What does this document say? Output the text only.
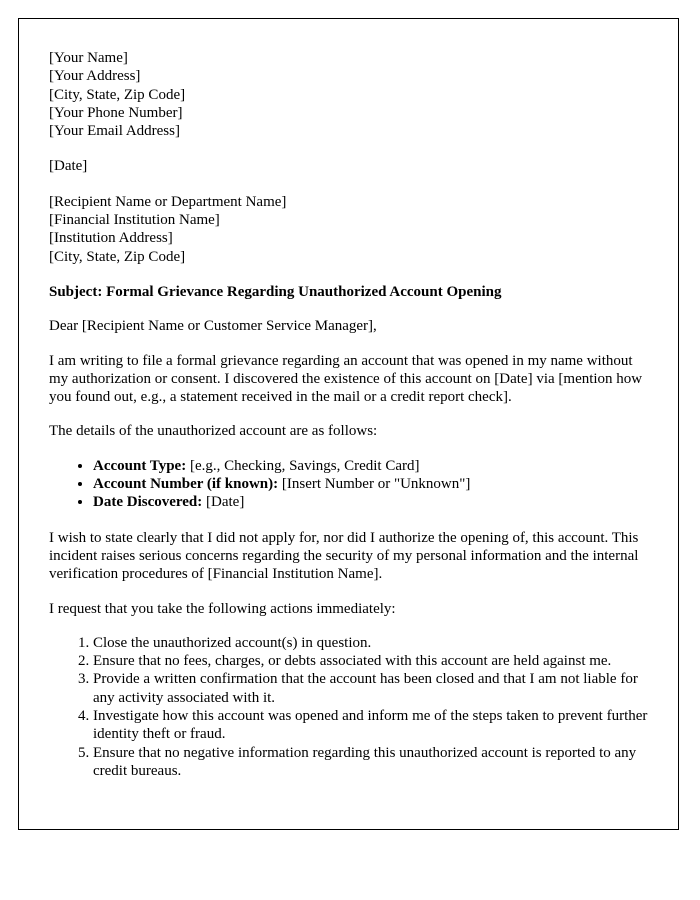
[Your Name]
[Your Address]
[City, State, Zip Code]
[Your Phone Number]
[Your Email Address]
[Date]
[Recipient Name or Department Name]
[Financial Institution Name]
[Institution Address]
[City, State, Zip Code]

Subject: Formal Grievance Regarding Unauthorized Account Opening

Dear [Recipient Name or Customer Service Manager],

I am writing to file a formal grievance regarding an account that was opened in my name without my authorization or consent. I discovered the existence of this account on [Date] via [mention how you found out, e.g., a statement received in the mail or a credit report check].

The details of the unauthorized account are as follows:

• Account Type: [e.g., Checking, Savings, Credit Card]
• Account Number (if known): [Insert Number or "Unknown"]
• Date Discovered: [Date]

I wish to state clearly that I did not apply for, nor did I authorize the opening of, this account. This incident raises serious concerns regarding the security of my personal information and the internal verification procedures of [Financial Institution Name].

I request that you take the following actions immediately:

1. Close the unauthorized account(s) in question.
2. Ensure that no fees, charges, or debts associated with this account are held against me.
3. Provide a written confirmation that the account has been closed and that I am not liable for any activity associated with it.
4. Investigate how this account was opened and inform me of the steps taken to prevent further identity theft or fraud.
5. Ensure that no negative information regarding this unauthorized account is reported to any credit bureaus.
